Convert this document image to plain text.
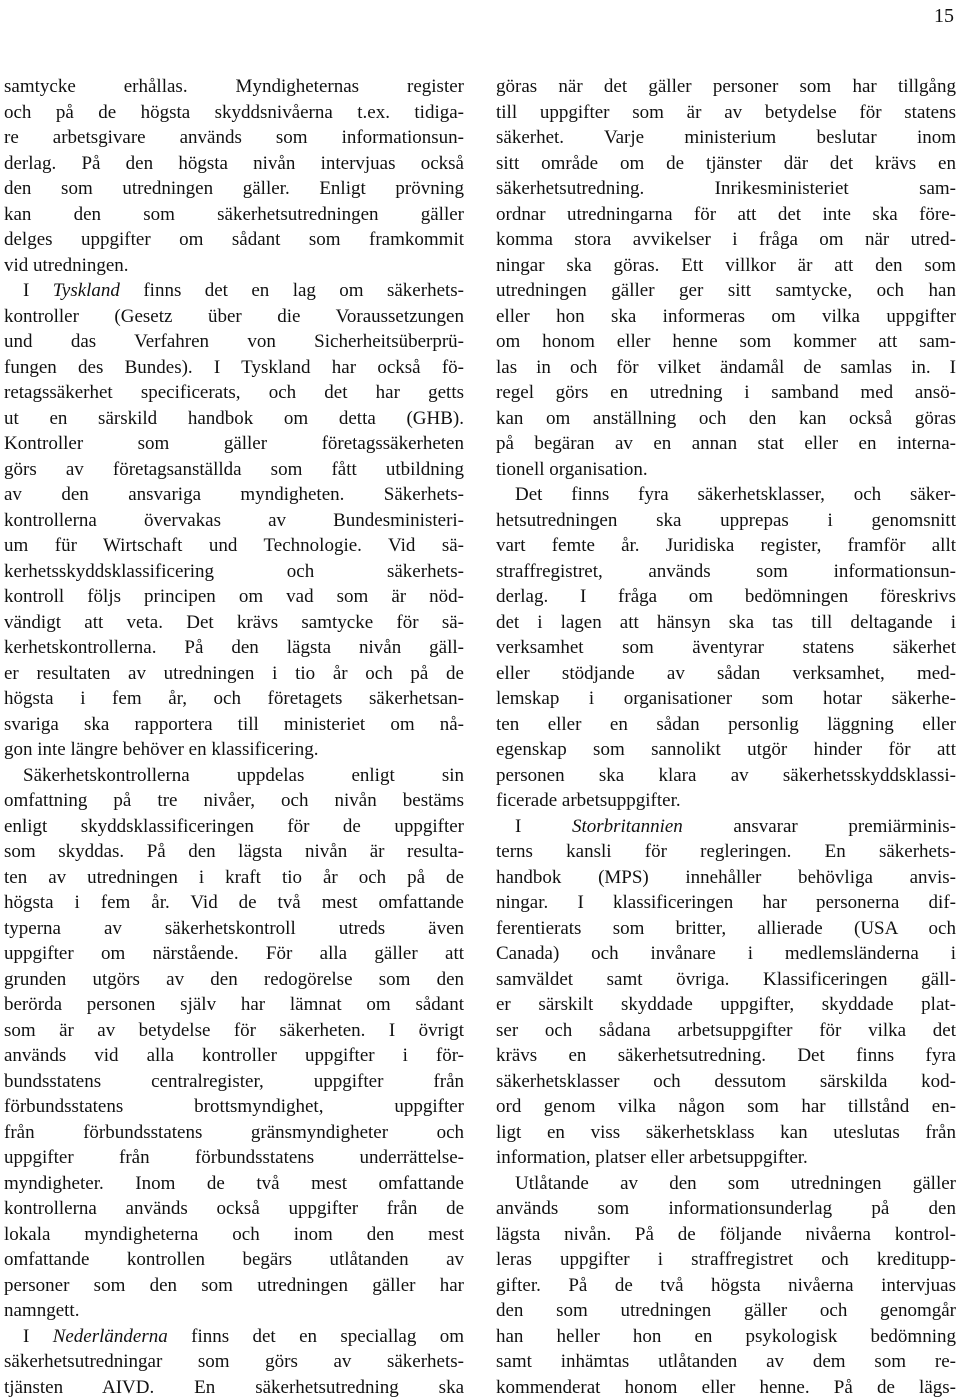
15
samtycke erhållas. Myndigheternas register
och på de högsta skyddsnivåerna t.ex. tidiga-
re arbetsgivare används som informationsun-
derlag. På den högsta nivån intervjuas också
den som utredningen gäller. Enligt prövning
kan den som säkerhetsutredningen gäller
delges uppgifter om sådant som framkommit
vid utredningen.
I Tyskland finns det en lag om säkerhets-
kontroller (Gesetz über die Voraussetzungen
und das Verfahren von Sicherheitsüberprü-
fungen des Bundes). I Tyskland har också fö-
retagssäkerhet specificerats, och det har getts
ut en särskild handbok om detta (GHB).
Kontroller som gäller företagssäkerheten
görs av företagsanställda som fått utbildning
av den ansvariga myndigheten. Säkerhets-
kontrollerna övervakas av Bundesministeri-
um für Wirtschaft und Technologie. Vid sä-
kerhetsskyddsklassificering och säkerhets-
kontroll följs principen om vad som är nöd-
vändigt att veta. Det krävs samtycke för sä-
kerhetskontrollerna. På den lägsta nivån gäll-
er resultaten av utredningen i tio år och på de
högsta i fem år, och företagets säkerhetsan-
svariga ska rapportera till ministeriet om nå-
gon inte längre behöver en klassificering.
Säkerhetskontrollerna uppdelas enligt sin
omfattning på tre nivåer, och nivån bestäms
enligt skyddsklassificeringen för de uppgifter
som skyddas. På den lägsta nivån är resulta-
ten av utredningen i kraft tio år och på de
högsta i fem år. Vid de två mest omfattande
typerna av säkerhetskontroll utreds även
uppgifter om närstående. För alla gäller att
grunden utgörs av den redogörelse som den
berörda personen själv har lämnat om sådant
som är av betydelse för säkerheten. I övrigt
används vid alla kontroller uppgifter i för-
bundsstatens centralregister, uppgifter från
förbundsstatens brottsmyndighet, uppgifter
från förbundsstatens gränsmyndigheter och
uppgifter från förbundsstatens underrättelse-
myndigheter. Inom de två mest omfattande
kontrollerna används också uppgifter från de
lokala myndigheterna och inom den mest
omfattande kontrollen begärs utlåtanden av
personer som den som utredningen gäller har
namngett.
I Nederländerna finns det en speciallag om
säkerhetsutredningar som görs av säkerhets-
tjänsten AIVD. En säkerhetsutredning ska
göras när det gäller personer som har tillgång
till uppgifter som är av betydelse för statens
säkerhet. Varje ministerium beslutar inom
sitt område om de tjänster där det krävs en
säkerhetsutredning. Inrikesministeriet sam-
ordnar utredningarna för att det inte ska före-
komma stora avvikelser i fråga om när utred-
ningar ska göras. Ett villkor är att den som
utredningen gäller ger sitt samtycke, och han
eller hon ska informeras om vilka uppgifter
om honom eller henne som kommer att sam-
las in och för vilket ändamål de samlas in. I
regel görs en utredning i samband med ansö-
kan om anställning och den kan också göras
på begäran av en annan stat eller en interna-
tionell organisation.
Det finns fyra säkerhetsklasser, och säker-
hetsutredningen ska upprepas i genomsnitt
vart femte år. Juridiska register, framför allt
straffregistret, används som informationsun-
derlag. I fråga om bedömningen föreskrivs
det i lagen att hänsyn ska tas till deltagande i
verksamhet som äventyrar statens säkerhet
eller stödjande av sådan verksamhet, med-
lemskap i organisationer som hotar säkerhe-
ten eller en sådan personlig läggning eller
egenskap som sannolikt utgör hinder för att
personen ska klara av säkerhetsskyddsklassi-
ficerade arbetsuppgifter.
I Storbritannien ansvarar premiärminis-
terns kansli för regleringen. En säkerhets-
handbok (MPS) innehåller behövliga anvis-
ningar. I klassificeringen har personerna dif-
ferentierats som britter, allierade (USA och
Canada) och invånare i medlemsländerna i
samväldet samt övriga. Klassificeringen gäll-
er särskilt skyddade uppgifter, skyddade plat-
ser och sådana arbetsuppgifter för vilka det
krävs en säkerhetsutredning. Det finns fyra
säkerhetsklasser och dessutom särskilda kod-
ord genom vilka någon som har tillstånd en-
ligt en viss säkerhetsklass kan uteslutas från
information, platser eller arbetsuppgifter.
Utlåtande av den som utredningen gäller
används som informationsunderlag på den
lägsta nivån. På de följande nivåerna kontrol-
leras uppgifter i straffregistret och kreditupp-
gifter. På de två högsta nivåerna intervjuas
den som utredningen gäller och genomgår
han heller hon en psykologisk bedömning
samt inhämtas utlåtanden av dem som re-
kommenderat honom eller henne. På de lägs-
